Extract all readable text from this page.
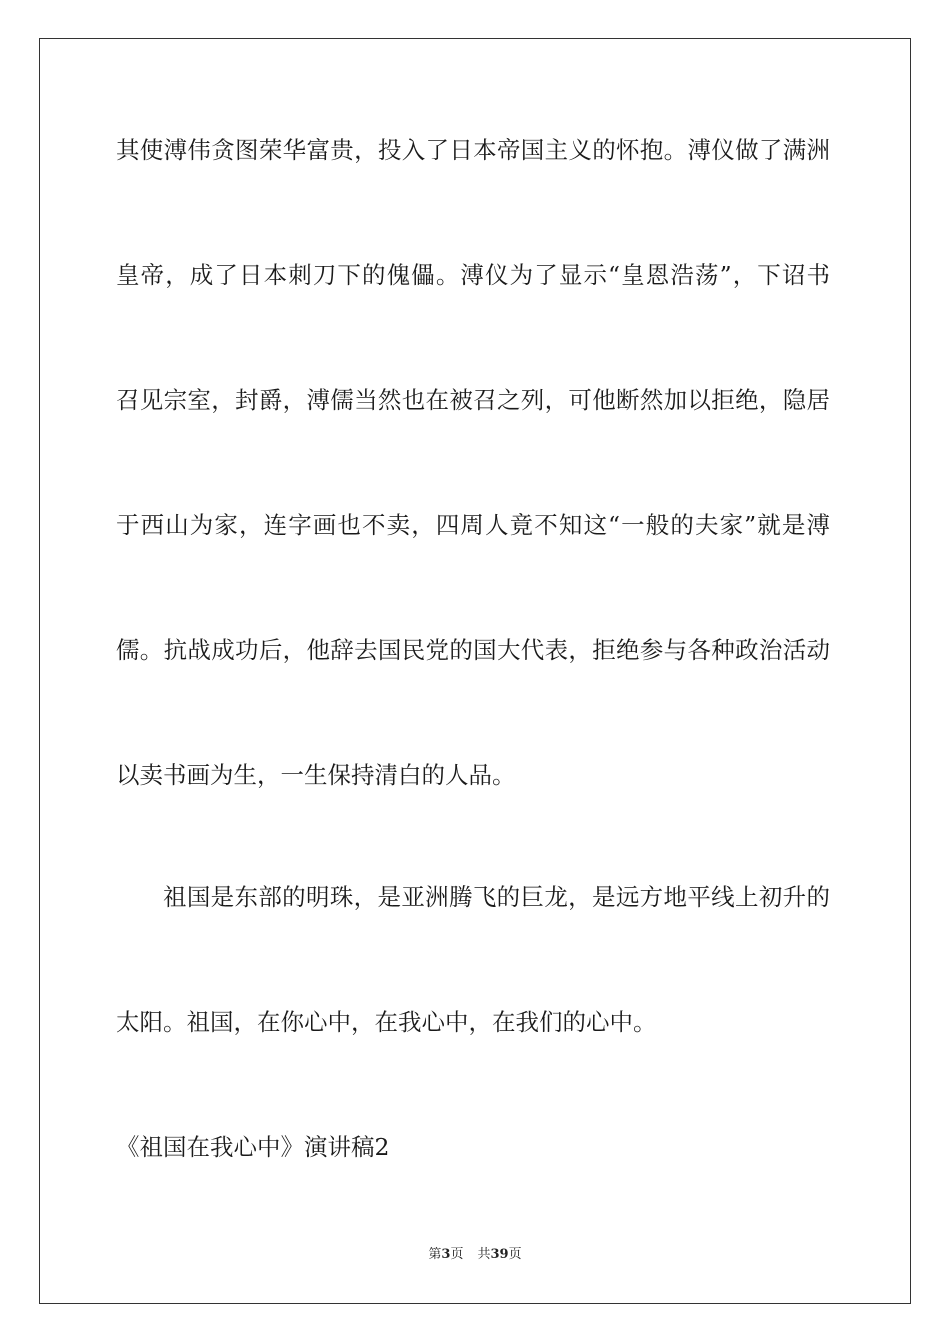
其使溥伟贪图荣华富贵，投入了日本帝国主义的怀抱。溥仪做了满洲
皇帝，成了日本刺刀下的傀儡。溥仪为了显示“皇恩浩荡”，下诏书
召见宗室，封爵，溥儒当然也在被召之列，可他断然加以拒绝，隐居
于西山为家，连字画也不卖，四周人竟不知这“一般的夫家”就是溥
儒。抗战成功后，他辞去国民党的国大代表，拒绝参与各种政治活动
以卖书画为生，一生保持清白的人品。
祖国是东部的明珠，是亚洲腾飞的巨龙，是远方地平线上初升的
太阳。祖国，在你心中，在我心中，在我们的心中。
《祖国在我心中》演讲稿2
第3页 共39页
